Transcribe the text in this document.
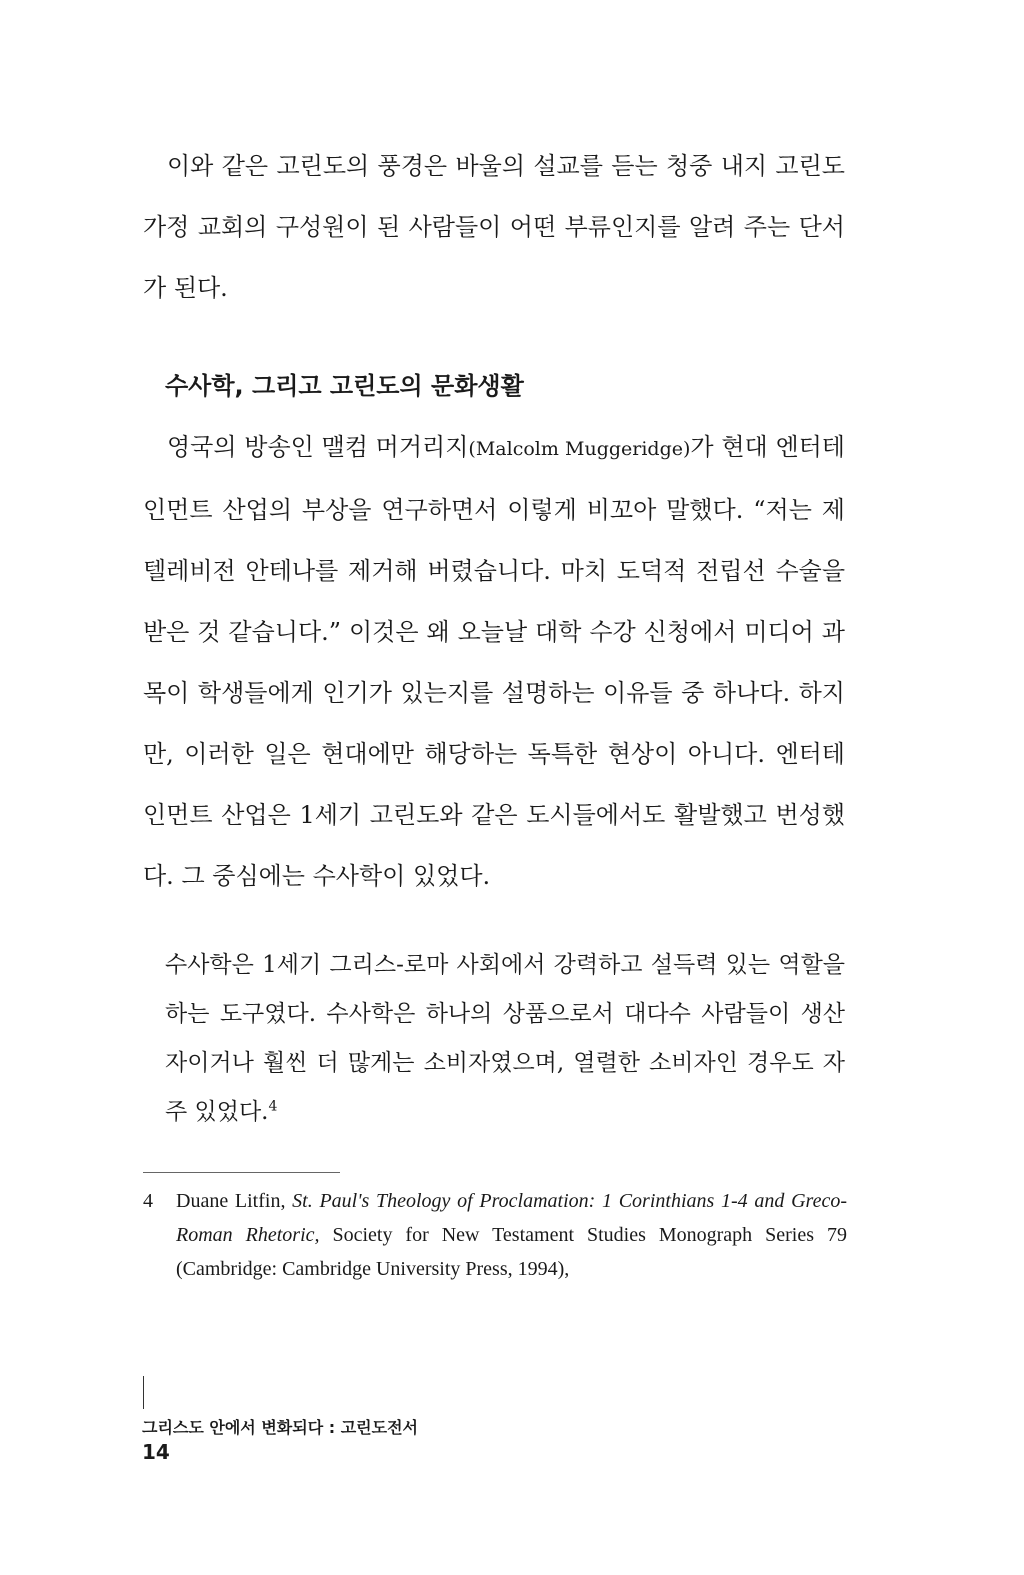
이와 같은 고린도의 풍경은 바울의 설교를 듣는 청중 내지 고린도 가정 교회의 구성원이 된 사람들이 어떤 부류인지를 알려 주는 단서가 된다.

수사학, 그리고 고린도의 문화생활

영국의 방송인 맬컴 머거리지(Malcolm Muggeridge)가 현대 엔터테인먼트 산업의 부상을 연구하면서 이렇게 비꼬아 말했다. “저는 제 텔레비전 안테나를 제거해 버렸습니다. 마치 도덕적 전립선 수술을 받은 것 같습니다.” 이것은 왜 오늘날 대학 수강 신청에서 미디어 과목이 학생들에게 인기가 있는지를 설명하는 이유들 중 하나다. 하지만, 이러한 일은 현대에만 해당하는 독특한 현상이 아니다. 엔터테인먼트 산업은 1세기 고린도와 같은 도시들에서도 활발했고 번성했다. 그 중심에는 수사학이 있었다.

수사학은 1세기 그리스-로마 사회에서 강력하고 설득력 있는 역할을 하는 도구였다. 수사학은 하나의 상품으로서 대다수 사람들이 생산자이거나 훨씬 더 많게는 소비자였으며, 열렬한 소비자인 경우도 자주 있었다.$^4$

4 Duane Litfin, St. Paul's Theology of Proclamation: 1 Corinthians 1-4 and Greco-Roman Rhetoric, Society for New Testament Studies Monograph Series 79 (Cambridge: Cambridge University Press, 1994),
그리스도 안에서 변화되다 : 고린도전서
14
